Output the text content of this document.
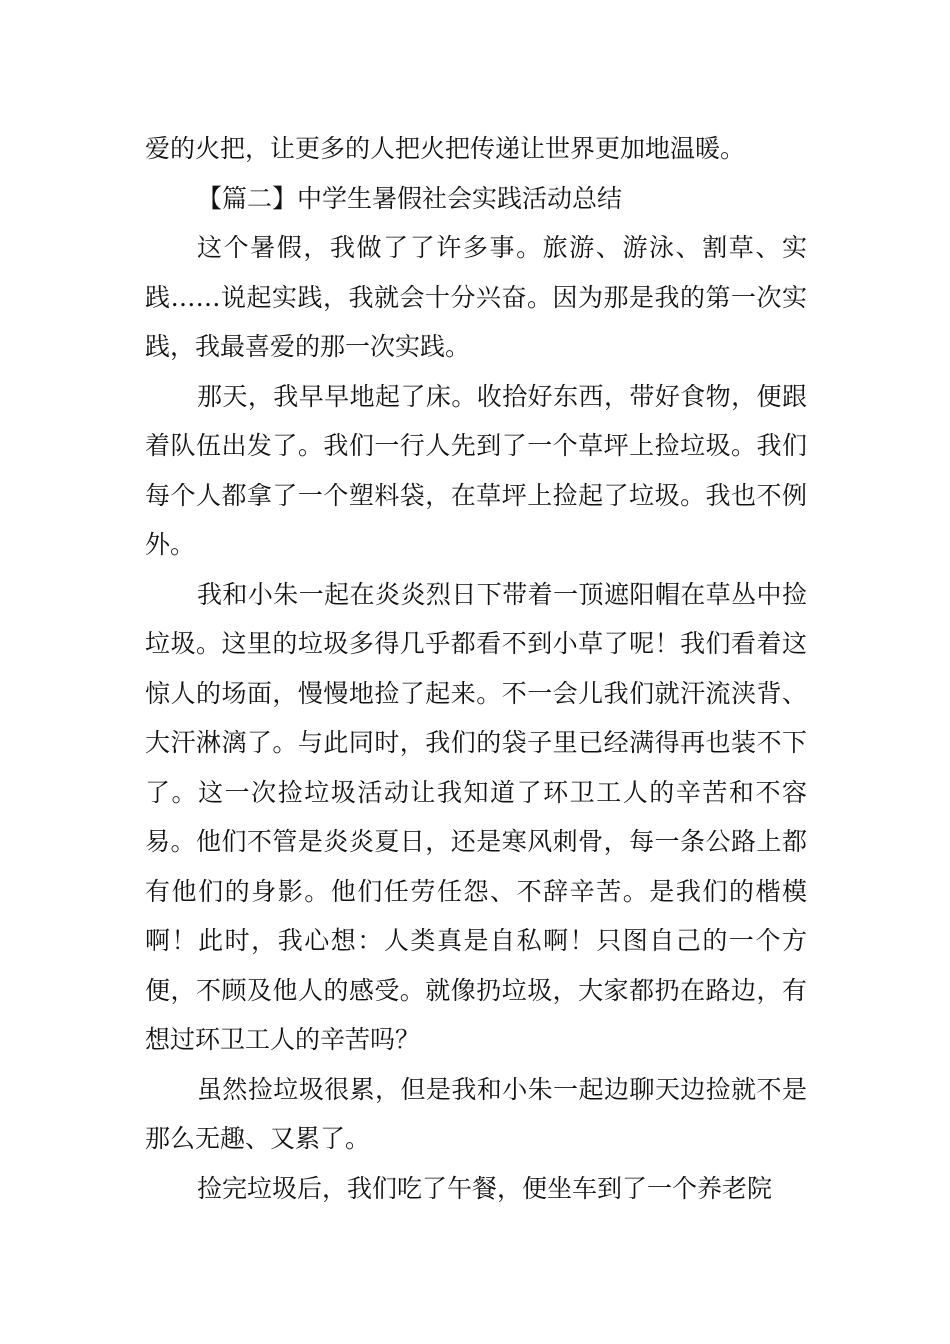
爱的火把，让更多的人把火把传递让世界更加地温暖。

【篇二】中学生暑假社会实践活动总结

这个暑假，我做了了许多事。旅游、游泳、割草、实践……说起实践，我就会十分兴奋。因为那是我的第一次实践，我最喜爱的那一次实践。

那天，我早早地起了床。收拾好东西，带好食物，便跟着队伍出发了。我们一行人先到了一个草坪上捡垃圾。我们每个人都拿了一个塑料袋，在草坪上捡起了垃圾。我也不例外。

我和小朱一起在炎炎烈日下带着一顶遮阳帽在草丛中捡垃圾。这里的垃圾多得几乎都看不到小草了呢！我们看着这惊人的场面，慢慢地捡了起来。不一会儿我们就汗流浃背、大汗淋漓了。与此同时，我们的袋子里已经满得再也装不下了。这一次捡垃圾活动让我知道了环卫工人的辛苦和不容易。他们不管是炎炎夏日，还是寒风刺骨，每一条公路上都有他们的身影。他们任劳任怨、不辞辛苦。是我们的楷模啊！此时，我心想：人类真是自私啊！只图自己的一个方便，不顾及他人的感受。就像扔垃圾，大家都扔在路边，有想过环卫工人的辛苦吗？

虽然捡垃圾很累，但是我和小朱一起边聊天边捡就不是那么无趣、又累了。

捡完垃圾后，我们吃了午餐，便坐车到了一个养老院
